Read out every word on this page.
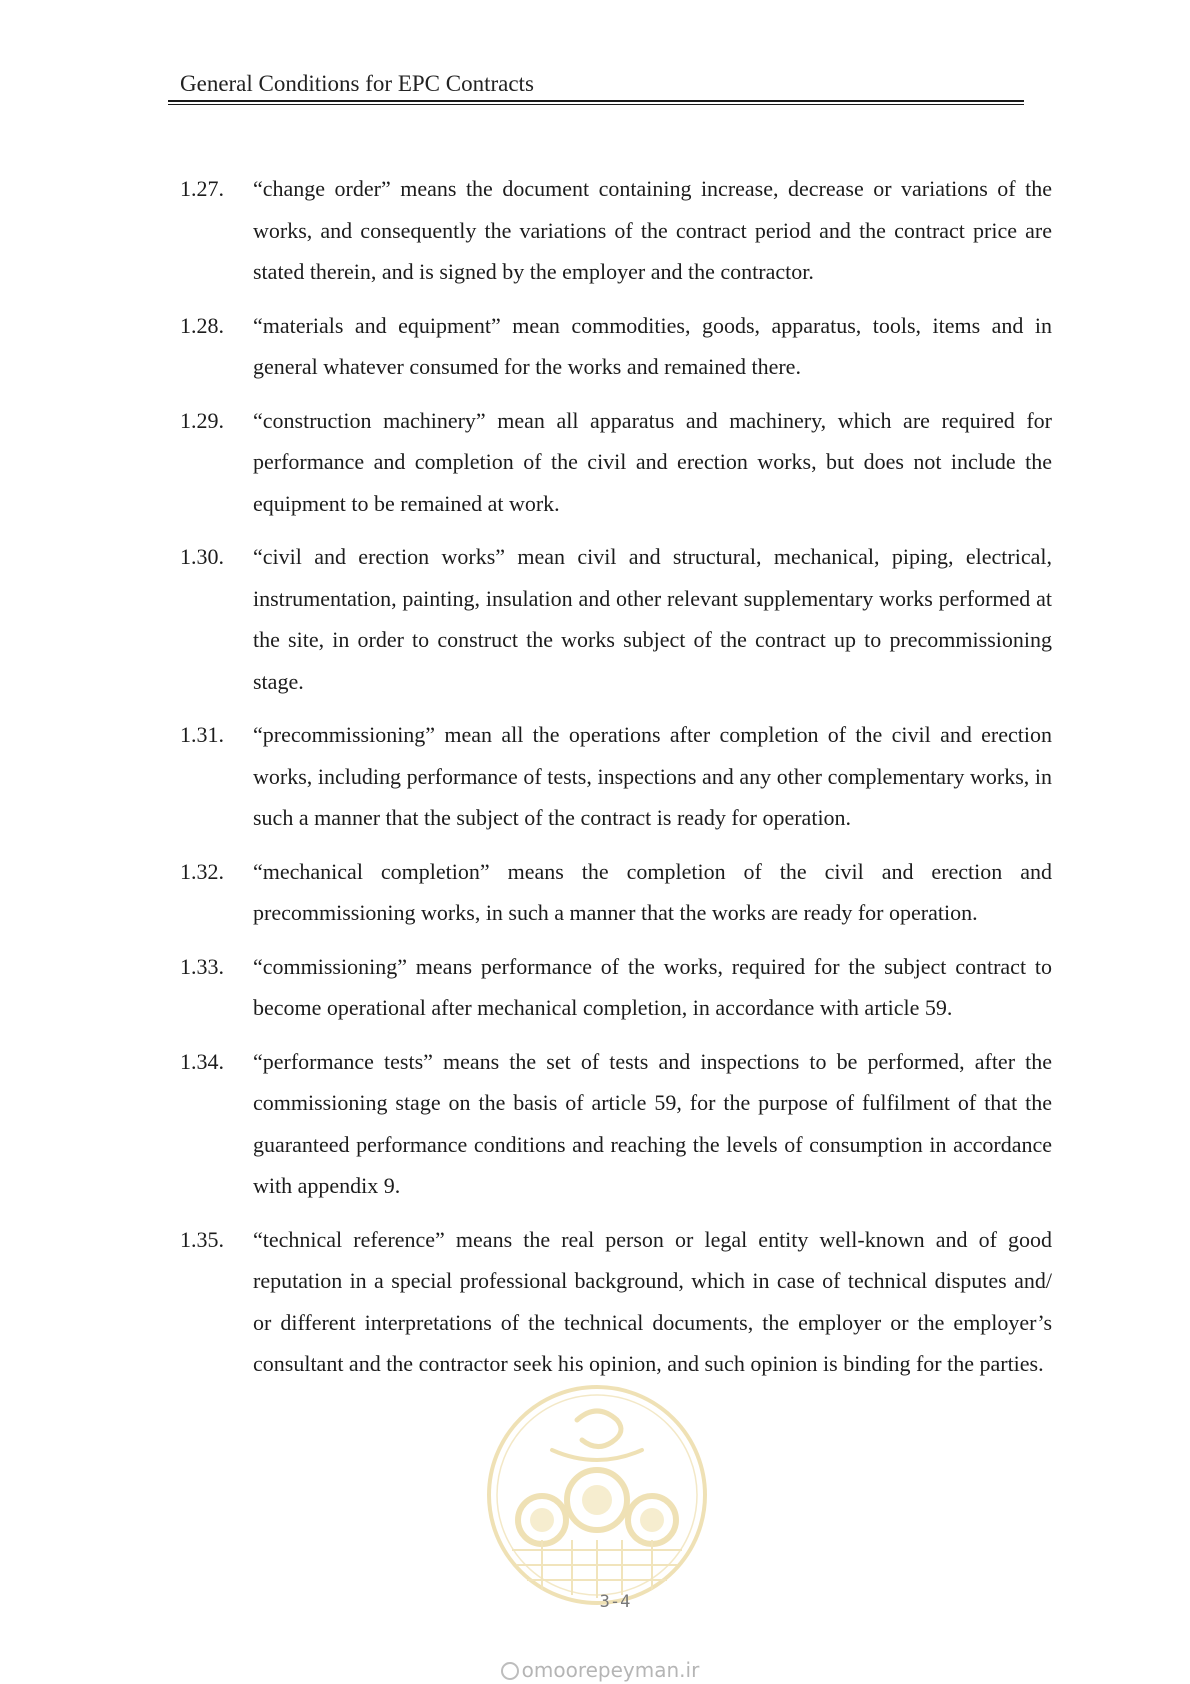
General Conditions for EPC Contracts
1.27.	“change order” means the document containing increase, decrease or variations of the works, and consequently the variations of the contract period and the contract price are stated therein, and is signed by the employer and the contractor.
1.28.	“materials and equipment” mean commodities, goods, apparatus, tools, items and in general whatever consumed for the works and remained there.
1.29.	“construction machinery” mean all apparatus and machinery, which are required for performance and completion of the civil and erection works, but does not include the equipment to be remained at work.
1.30.	“civil and erection works” mean civil and structural, mechanical, piping, electrical, instrumentation, painting, insulation and other relevant supplementary works performed at the site, in order to construct the works subject of the contract up to precommissioning stage.
1.31.	“precommissioning” mean all the operations after completion of the civil and erection works, including performance of tests, inspections and any other complementary works, in such a manner that the subject of the contract is ready for operation.
1.32.	“mechanical completion” means the completion of the civil and erection and precommissioning works, in such a manner that the works are ready for operation.
1.33.	“commissioning” means performance of the works, required for the subject contract to become operational after mechanical completion, in accordance with article 59.
1.34.	“performance tests” means the set of tests and inspections to be performed, after the commissioning stage on the basis of article 59, for the purpose of fulfilment of that the guaranteed performance conditions and reaching the levels of consumption in accordance with appendix 9.
1.35.	“technical reference” means the real person or legal entity well-known and of good reputation in a special professional background, which in case of technical disputes and/ or different interpretations of the technical documents, the employer or the employer’s consultant and the contractor seek his opinion, and such opinion is binding for the parties.
3-4
omoorepeyman.ir
